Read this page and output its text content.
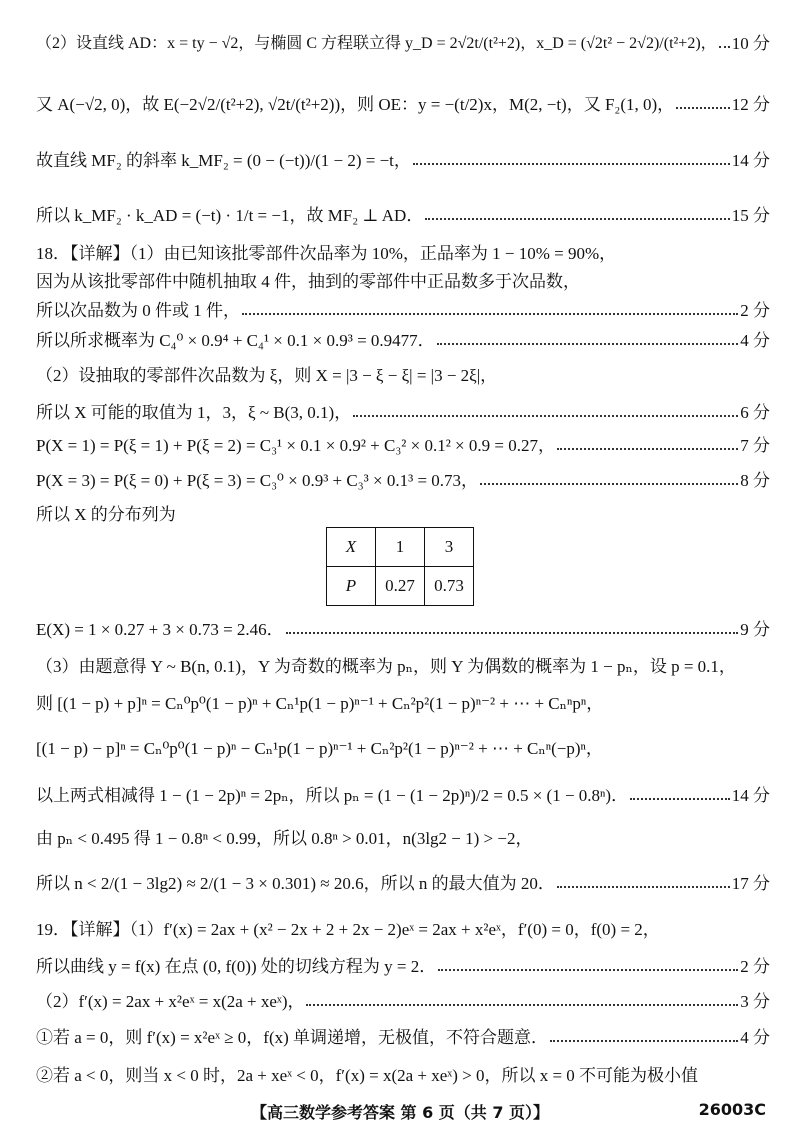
（2）设直线 AD：x = ty − √2，与椭圆 C 方程联立得 y_D = 2√2t/(t²+2)，x_D = (√2t² − 2√2)/(t²+2)， 10 分
又 A(−√2, 0)，故 E(−2√2/(t²+2), √2t/(t²+2))，则 OE：y = −(t/2)x，M(2, −t)，又 F₂(1, 0)，	12 分
故直线 MF₂ 的斜率 k_MF₂ = (0 − (−t))/(1 − 2) = −t，	14 分
所以 k_MF₂ · k_AD = (−t) · 1/t = −1，故 MF₂ ⊥ AD．	15 分
18．【详解】（1）由已知该批零部件次品率为 10%，正品率为 1 − 10% = 90%，
因为从该批零部件中随机抽取 4 件，抽到的零部件中正品数多于次品数，
所以次品数为 0 件或 1 件，	2 分
所以所求概率为 C₄⁰ × 0.9⁴ + C₄¹ × 0.1 × 0.9³ = 0.9477．	4 分
（2）设抽取的零部件次品数为 ξ，则 X = |3 − ξ − ξ| = |3 − 2ξ|，
所以 X 可能的取值为 1，3，ξ ~ B(3, 0.1)，	6 分
P(X = 1) = P(ξ = 1) + P(ξ = 2) = C₃¹ × 0.1 × 0.9² + C₃² × 0.1² × 0.9 = 0.27，	7 分
P(X = 3) = P(ξ = 0) + P(ξ = 3) = C₃⁰ × 0.9³ + C₃³ × 0.1³ = 0.73，	8 分
所以 X 的分布列为
X	1	3
P	0.27	0.73
E(X) = 1 × 0.27 + 3 × 0.73 = 2.46．	9 分
（3）由题意得 Y ~ B(n, 0.1)，Y 为奇数的概率为 pₙ，则 Y 为偶数的概率为 1 − pₙ，设 p = 0.1，
则 [(1 − p) + p]ⁿ = Cₙ⁰p⁰(1 − p)ⁿ + Cₙ¹p(1 − p)ⁿ⁻¹ + Cₙ²p²(1 − p)ⁿ⁻² + ⋯ + Cₙⁿpⁿ，
[(1 − p) − p]ⁿ = Cₙ⁰p⁰(1 − p)ⁿ − Cₙ¹p(1 − p)ⁿ⁻¹ + Cₙ²p²(1 − p)ⁿ⁻² + ⋯ + Cₙⁿ(−p)ⁿ，
以上两式相减得 1 − (1 − 2p)ⁿ = 2pₙ，所以 pₙ = (1 − (1 − 2p)ⁿ)/2 = 0.5 × (1 − 0.8ⁿ)．	14 分
由 pₙ < 0.495 得 1 − 0.8ⁿ < 0.99，所以 0.8ⁿ > 0.01，n(3lg2 − 1) > −2，
所以 n < 2/(1 − 3lg2) ≈ 2/(1 − 3 × 0.301) ≈ 20.6，所以 n 的最大值为 20．	17 分
19．【详解】（1）f′(x) = 2ax + (x² − 2x + 2 + 2x − 2)eˣ = 2ax + x²eˣ，f′(0) = 0，f(0) = 2，
所以曲线 y = f(x) 在点 (0, f(0)) 处的切线方程为 y = 2．	2 分
（2）f′(x) = 2ax + x²eˣ = x(2a + xeˣ)，	3 分
①若 a = 0，则 f′(x) = x²eˣ ≥ 0，f(x) 单调递增，无极值，不符合题意．	4 分
②若 a < 0，则当 x < 0 时，2a + xeˣ < 0，f′(x) = x(2a + xeˣ) > 0，所以 x = 0 不可能为极小值
【高三数学参考答案 第 6 页（共 7 页）】	26003C
